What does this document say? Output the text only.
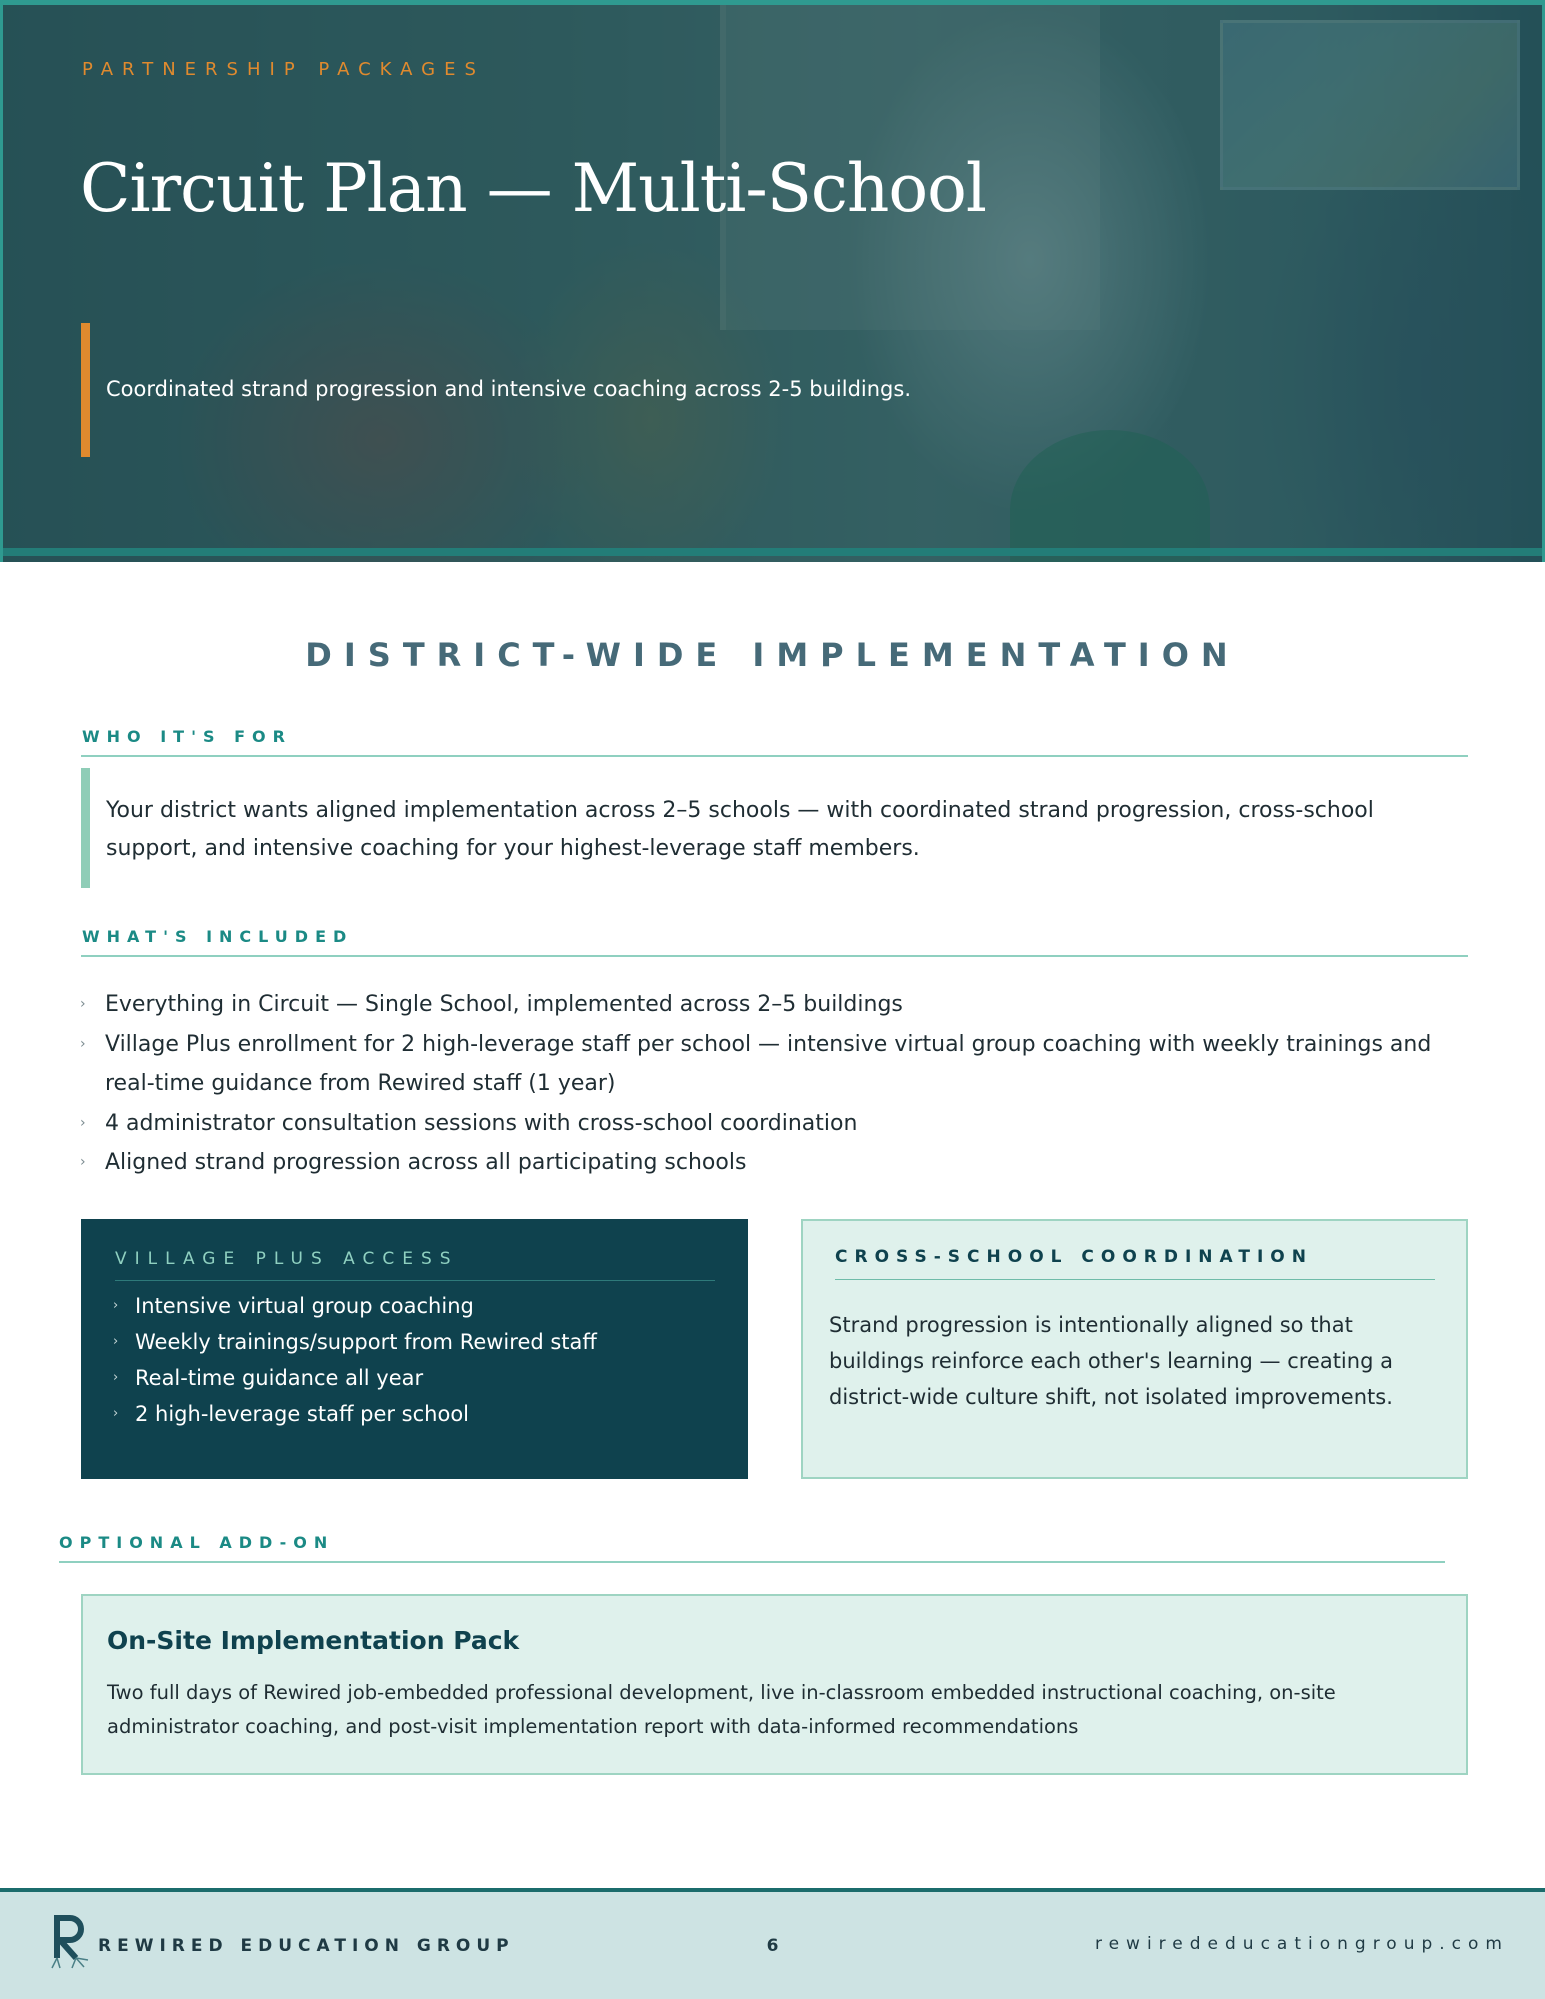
PARTNERSHIP PACKAGES
Circuit Plan — Multi-School
Coordinated strand progression and intensive coaching across 2-5 buildings.
DISTRICT-WIDE IMPLEMENTATION
WHO IT'S FOR

Your district wants aligned implementation across 2–5 schools — with coordinated strand progression, cross-school support, and intensive coaching for your highest-leverage staff members.

WHAT'S INCLUDED
› Everything in Circuit — Single School, implemented across 2–5 buildings
› Village Plus enrollment for 2 high-leverage staff per school — intensive virtual group coaching with weekly trainings and real-time guidance from Rewired staff (1 year)
› 4 administrator consultation sessions with cross-school coordination
› Aligned strand progression across all participating schools
VILLAGE PLUS ACCESS
› Intensive virtual group coaching
› Weekly trainings/support from Rewired staff
› Real-time guidance all year
› 2 high-leverage staff per school
CROSS-SCHOOL COORDINATION

Strand progression is intentionally aligned so that buildings reinforce each other's learning — creating a district-wide culture shift, not isolated improvements.

OPTIONAL ADD-ON
On-Site Implementation Pack

Two full days of Rewired job-embedded professional development, live in-classroom embedded instructional coaching, on-site administrator coaching, and post-visit implementation report with data-informed recommendations

REWIRED EDUCATION GROUP	6	rewirededucationgroup.com
